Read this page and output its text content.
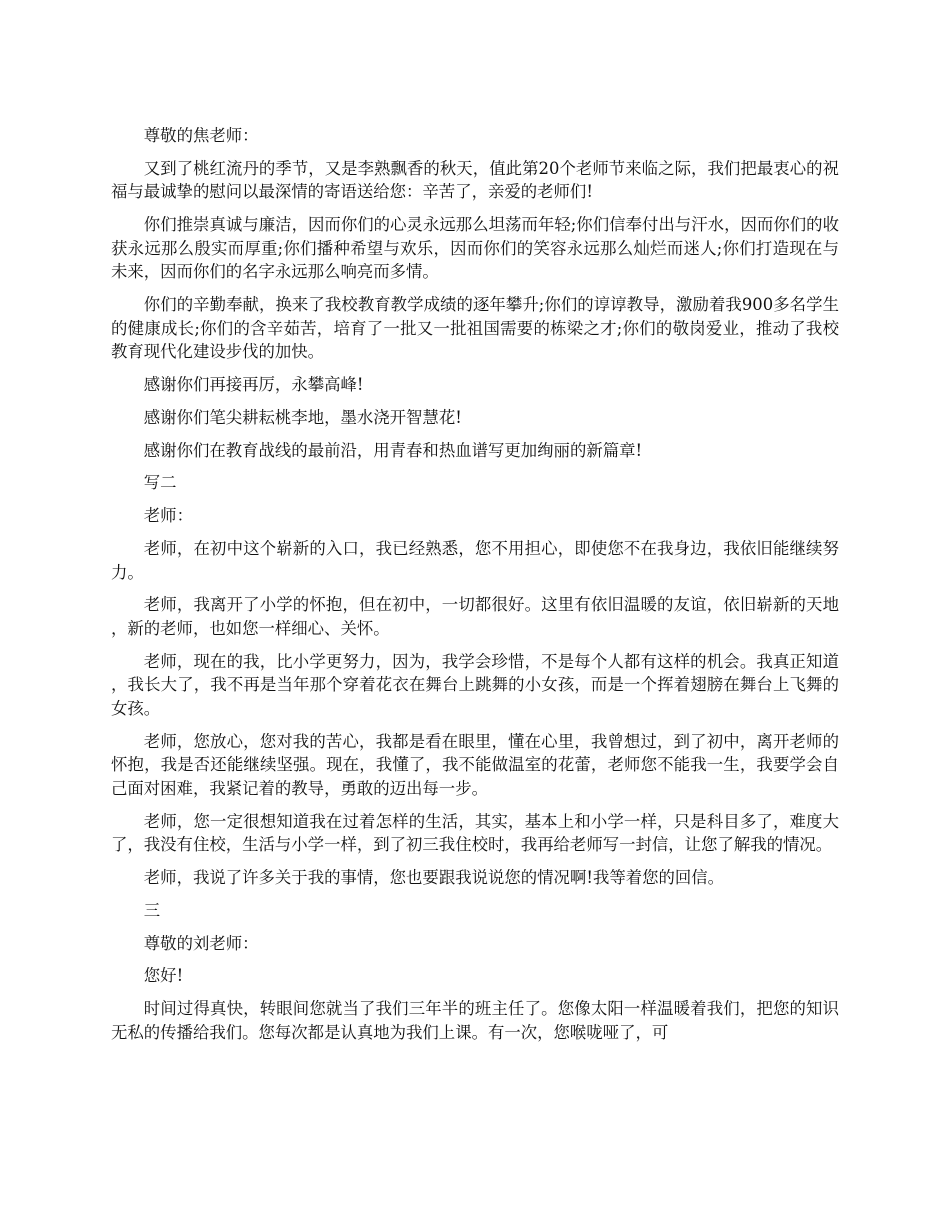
尊敬的焦老师：

又到了桃红流丹的季节，又是李熟飘香的秋天，值此第20个老师节来临之际，我们把最衷心的祝福与最诚挚的慰问以最深情的寄语送给您：辛苦了，亲爱的老师们!

你们推崇真诚与廉洁，因而你们的心灵永远那么坦荡而年轻;你们信奉付出与汗水，因而你们的收获永远那么殷实而厚重;你们播种希望与欢乐，因而你们的笑容永远那么灿烂而迷人;你们打造现在与未来，因而你们的名字永远那么响亮而多情。

你们的辛勤奉献，换来了我校教育教学成绩的逐年攀升;你们的谆谆教导，激励着我900多名学生的健康成长;你们的含辛茹苦，培育了一批又一批祖国需要的栋梁之才;你们的敬岗爱业，推动了我校教育现代化建设步伐的加快。

感谢你们再接再厉，永攀高峰!

感谢你们笔尖耕耘桃李地，墨水浇开智慧花!

感谢你们在教育战线的最前沿，用青春和热血谱写更加绚丽的新篇章!

写二

老师：

老师，在初中这个崭新的入口，我已经熟悉，您不用担心，即使您不在我身边，我依旧能继续努力。

老师，我离开了小学的怀抱，但在初中，一切都很好。这里有依旧温暖的友谊，依旧崭新的天地，新的老师，也如您一样细心、关怀。

老师，现在的我，比小学更努力，因为，我学会珍惜，不是每个人都有这样的机会。我真正知道，我长大了，我不再是当年那个穿着花衣在舞台上跳舞的小女孩，而是一个挥着翅膀在舞台上飞舞的女孩。

老师，您放心，您对我的苦心，我都是看在眼里，懂在心里，我曾想过，到了初中，离开老师的怀抱，我是否还能继续坚强。现在，我懂了，我不能做温室的花蕾，老师您不能我一生，我要学会自己面对困难，我紧记着的教导，勇敢的迈出每一步。

老师，您一定很想知道我在过着怎样的生活，其实，基本上和小学一样，只是科目多了，难度大了，我没有住校，生活与小学一样，到了初三我住校时，我再给老师写一封信，让您了解我的情况。

老师，我说了许多关于我的事情，您也要跟我说说您的情况啊!我等着您的回信。

三

尊敬的刘老师：

您好!

时间过得真快，转眼间您就当了我们三年半的班主任了。您像太阳一样温暖着我们，把您的知识无私的传播给我们。您每次都是认真地为我们上课。有一次，您喉咙哑了，可
